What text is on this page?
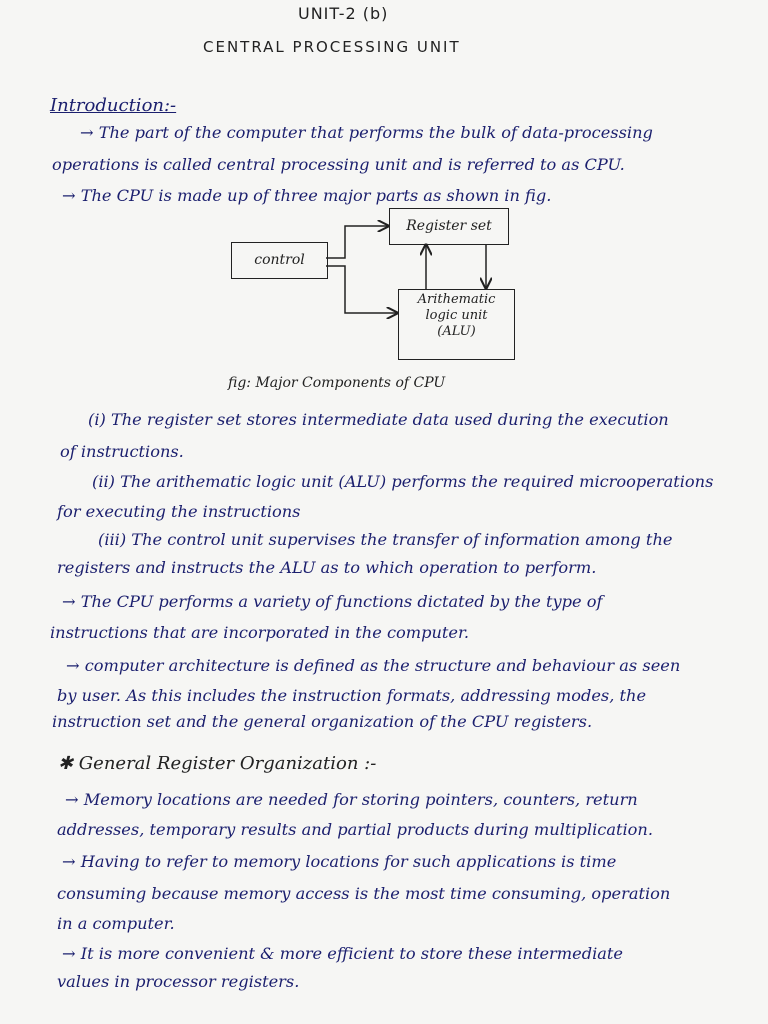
UNIT-2 (b)
CENTRAL PROCESSING UNIT
Introduction:-
→ The part of the computer that performs the bulk of data-processing
operations is called central processing unit and is referred to as CPU.
→ The CPU is made up of three major parts as shown in fig.
Register set
control
Arithematic
logic unit
(ALU)
fig: Major Components of CPU
(i) The register set stores intermediate data used during the execution
of instructions.
(ii) The arithematic logic unit (ALU) performs the required microoperations
for executing the instructions
(iii) The control unit supervises the transfer of information among the
registers and instructs the ALU as to which operation to perform.
→ The CPU performs a variety of functions dictated by the type of
instructions that are incorporated in the computer.
→ computer architecture is defined as the structure and behaviour as seen
by user. As this includes the instruction formats, addressing modes, the
instruction set and the general organization of the CPU registers.
✱ General Register Organization :-
→ Memory locations are needed for storing pointers, counters, return
addresses, temporary results and partial products during multiplication.
→ Having to refer to memory locations for such applications is time
consuming because memory access is the most time consuming, operation
in a computer.
→ It is more convenient & more efficient to store these intermediate
values in processor registers.
